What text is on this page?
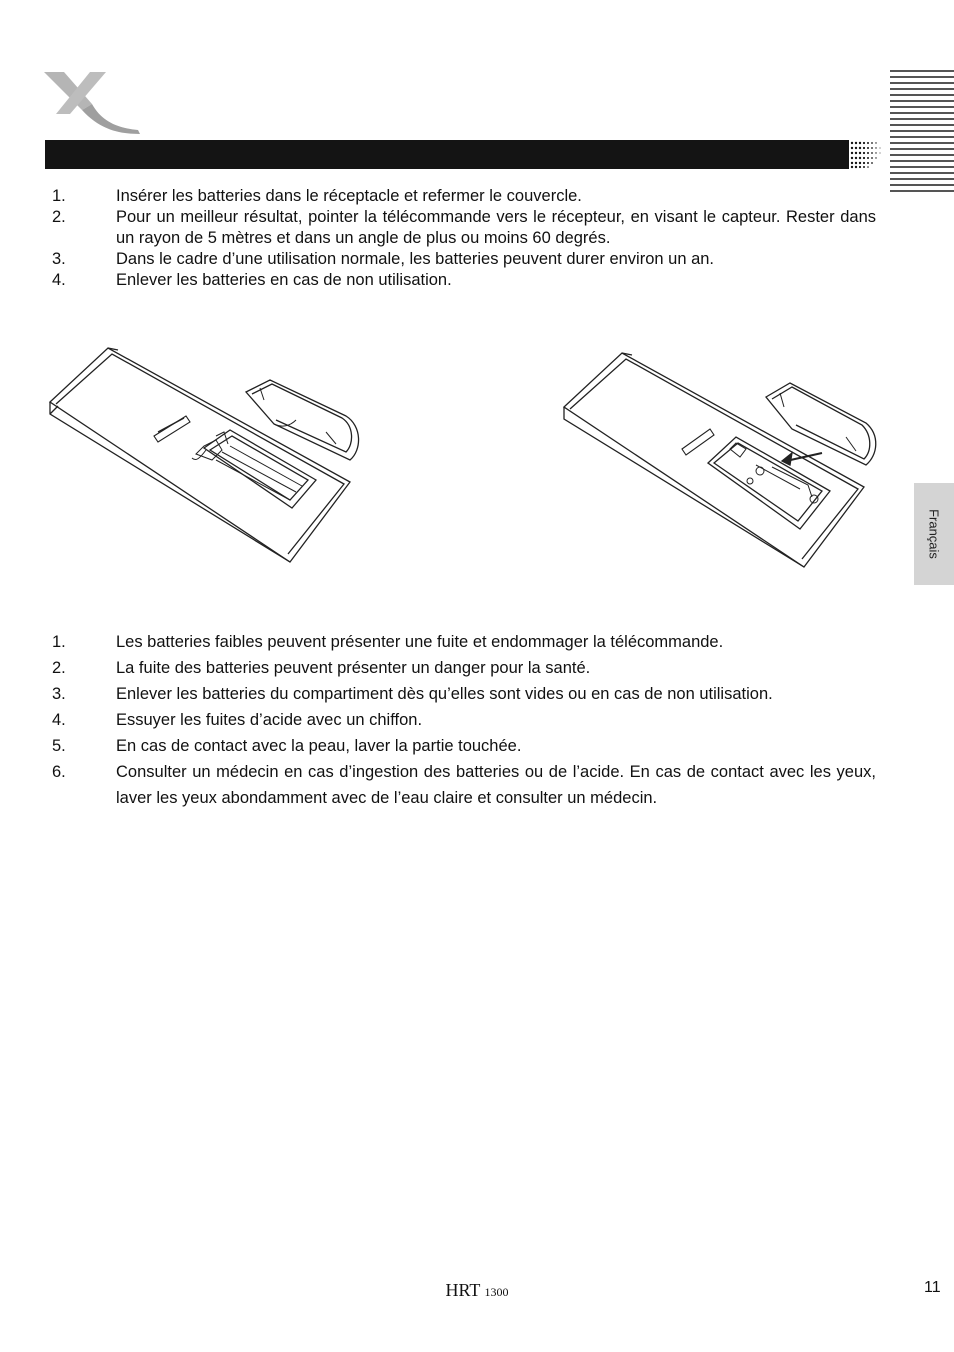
Français
1.	Insérer les batteries dans le réceptacle et refermer le couvercle.
2.	Pour un meilleur résultat, pointer la télécommande vers le récepteur, en visant le capteur. Rester dans un rayon de 5 mètres et dans un angle de plus ou moins 60 degrés.
3.	Dans le cadre d’une utilisation normale, les batteries peuvent durer environ un an.
4.	Enlever les batteries en cas de non utilisation.
1.	Les batteries faibles peuvent présenter une fuite et endommager la télécommande.
2.	La fuite des batteries peuvent présenter un danger pour la santé.
3.	Enlever les batteries du compartiment dès qu’elles sont vides ou en cas de non utilisation.
4.	Essuyer les fuites d’acide avec un chiffon.
5.	En cas de contact avec la peau, laver la partie touchée.
6.	Consulter un médecin en cas d’ingestion des batteries ou de l’acide. En cas de contact avec les yeux, laver les yeux abondamment avec de l’eau claire et consulter un médecin.
HRT 1300	11
